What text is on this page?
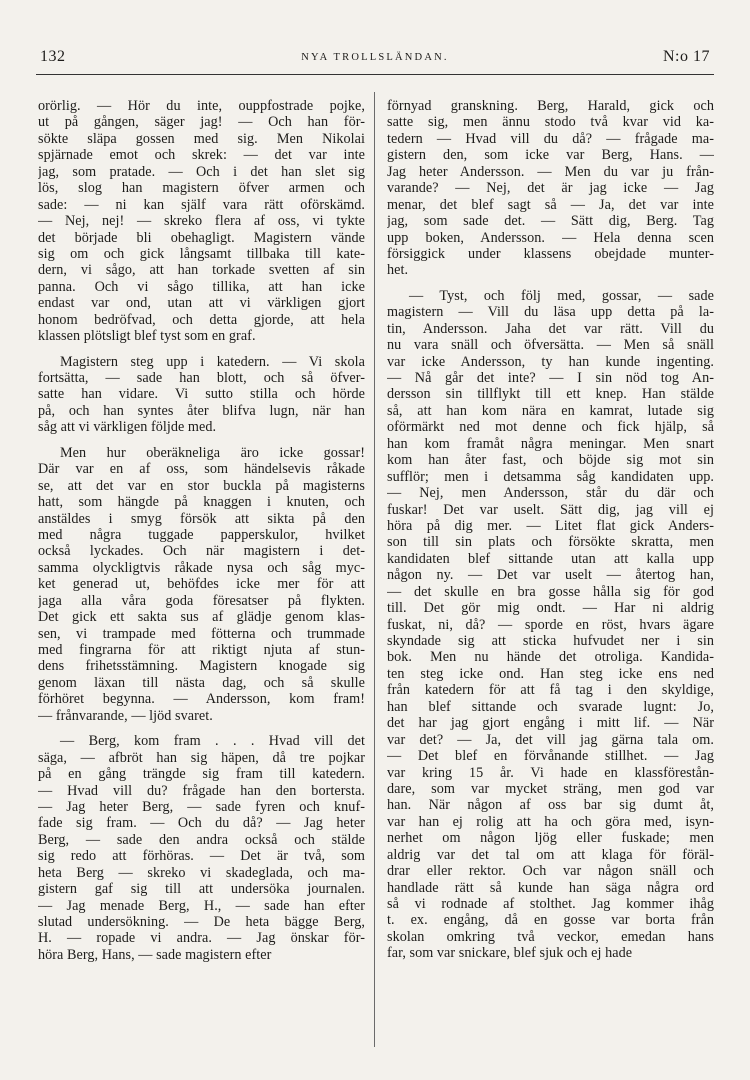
132	NYA TROLLSLÄNDAN.	N:o 17
orörlig. — Hör du inte, ouppfostrade pojke,
ut på gången, säger jag! — Och han för-
sökte släpa gossen med sig. Men Nikolai
spjärnade emot och skrek: — det var inte
jag, som pratade. — Och i det han slet sig
lös, slog han magistern öfver armen och
sade: — ni kan själf vara rätt oförskämd.
— Nej, nej! — skreko flera af oss, vi tykte
det började bli obehagligt. Magistern vände
sig om och gick långsamt tillbaka till kate-
dern, vi sågo, att han torkade svetten af sin
panna. Och vi sågo tillika, att han icke
endast var ond, utan att vi värkligen gjort
honom bedröfvad, och detta gjorde, att hela
klassen plötsligt blef tyst som en graf.
Magistern steg upp i katedern. — Vi skola
fortsätta, — sade han blott, och så öfver-
satte han vidare. Vi sutto stilla och hörde
på, och han syntes åter blifva lugn, när han
såg att vi värkligen följde med.
Men hur oberäkneliga äro icke gossar!
Där var en af oss, som händelsevis råkade
se, att det var en stor buckla på magisterns
hatt, som hängde på knaggen i knuten, och
anstäldes i smyg försök att sikta på den
med några tuggade papperskulor, hvilket
också lyckades. Och när magistern i det-
samma olyckligtvis råkade nysa och såg myc-
ket generad ut, behöfdes icke mer för att
jaga alla våra goda föresatser på flykten.
Det gick ett sakta sus af glädje genom klas-
sen, vi trampade med fötterna och trummade
med fingrarna för att riktigt njuta af stun-
dens frihetsstämning. Magistern knogade sig
genom läxan till nästa dag, och så skulle
förhöret begynna. — Andersson, kom fram!
— frånvarande, — ljöd svaret.
— Berg, kom fram . . . Hvad vill det
säga, — afbröt han sig häpen, då tre pojkar
på en gång trängde sig fram till katedern.
— Hvad vill du? frågade han den bortersta.
— Jag heter Berg, — sade fyren och knuf-
fade sig fram. — Och du då? — Jag heter
Berg, — sade den andra också och stälde
sig redo att förhöras. — Det är två, som
heta Berg — skreko vi skadeglada, och ma-
gistern gaf sig till att undersöka journalen.
— Jag menade Berg, H., — sade han efter
slutad undersökning. — De heta bägge Berg,
H. — ropade vi andra. — Jag önskar för-
höra Berg, Hans, — sade magistern efter
förnyad granskning. Berg, Harald, gick och
satte sig, men ännu stodo två kvar vid ka-
tedern — Hvad vill du då? — frågade ma-
gistern den, som icke var Berg, Hans. —
Jag heter Andersson. — Men du var ju från-
varande? — Nej, det är jag icke — Jag
menar, det blef sagt så — Ja, det var inte
jag, som sade det. — Sätt dig, Berg. Tag
upp boken, Andersson. — Hela denna scen
försiggick under klassens obejdade munter-
het.
— Tyst, och följ med, gossar, — sade
magistern — Vill du läsa upp detta på la-
tin, Andersson. Jaha det var rätt. Vill du
nu vara snäll och öfversätta. — Men så snäll
var icke Andersson, ty han kunde ingenting.
— Nå går det inte? — I sin nöd tog An-
dersson sin tillflykt till ett knep. Han stälde
så, att han kom nära en kamrat, lutade sig
oförmärkt ned mot denne och fick hjälp, så
han kom framåt några meningar. Men snart
kom han åter fast, och böjde sig mot sin
sufflör; men i detsamma såg kandidaten upp.
— Nej, men Andersson, står du där och
fuskar! Det var uselt. Sätt dig, jag vill ej
höra på dig mer. — Litet flat gick Anders-
son till sin plats och försökte skratta, men
kandidaten blef sittande utan att kalla upp
någon ny. — Det var uselt — återtog han,
— det skulle en bra gosse hålla sig för god
till. Det gör mig ondt. — Har ni aldrig
fuskat, ni, då? — sporde en röst, hvars ägare
skyndade sig att sticka hufvudet ner i sin
bok. Men nu hände det otroliga. Kandida-
ten steg icke ond. Han steg icke ens ned
från katedern för att få tag i den skyldige,
han blef sittande och svarade lugnt: Jo,
det har jag gjort engång i mitt lif. — När
var det? — Ja, det vill jag gärna tala om.
— Det blef en förvånande stillhet. — Jag
var kring 15 år. Vi hade en klassförestån-
dare, som var mycket sträng, men god var
han. När någon af oss bar sig dumt åt,
var han ej rolig att ha och göra med, isyn-
nerhet om någon ljög eller fuskade; men
aldrig var det tal om att klaga för föräl-
drar eller rektor. Och var någon snäll och
handlade rätt så kunde han säga några ord
så vi rodnade af stolthet. Jag kommer ihåg
t. ex. engång, då en gosse var borta från
skolan omkring två veckor, emedan hans
far, som var snickare, blef sjuk och ej hade
